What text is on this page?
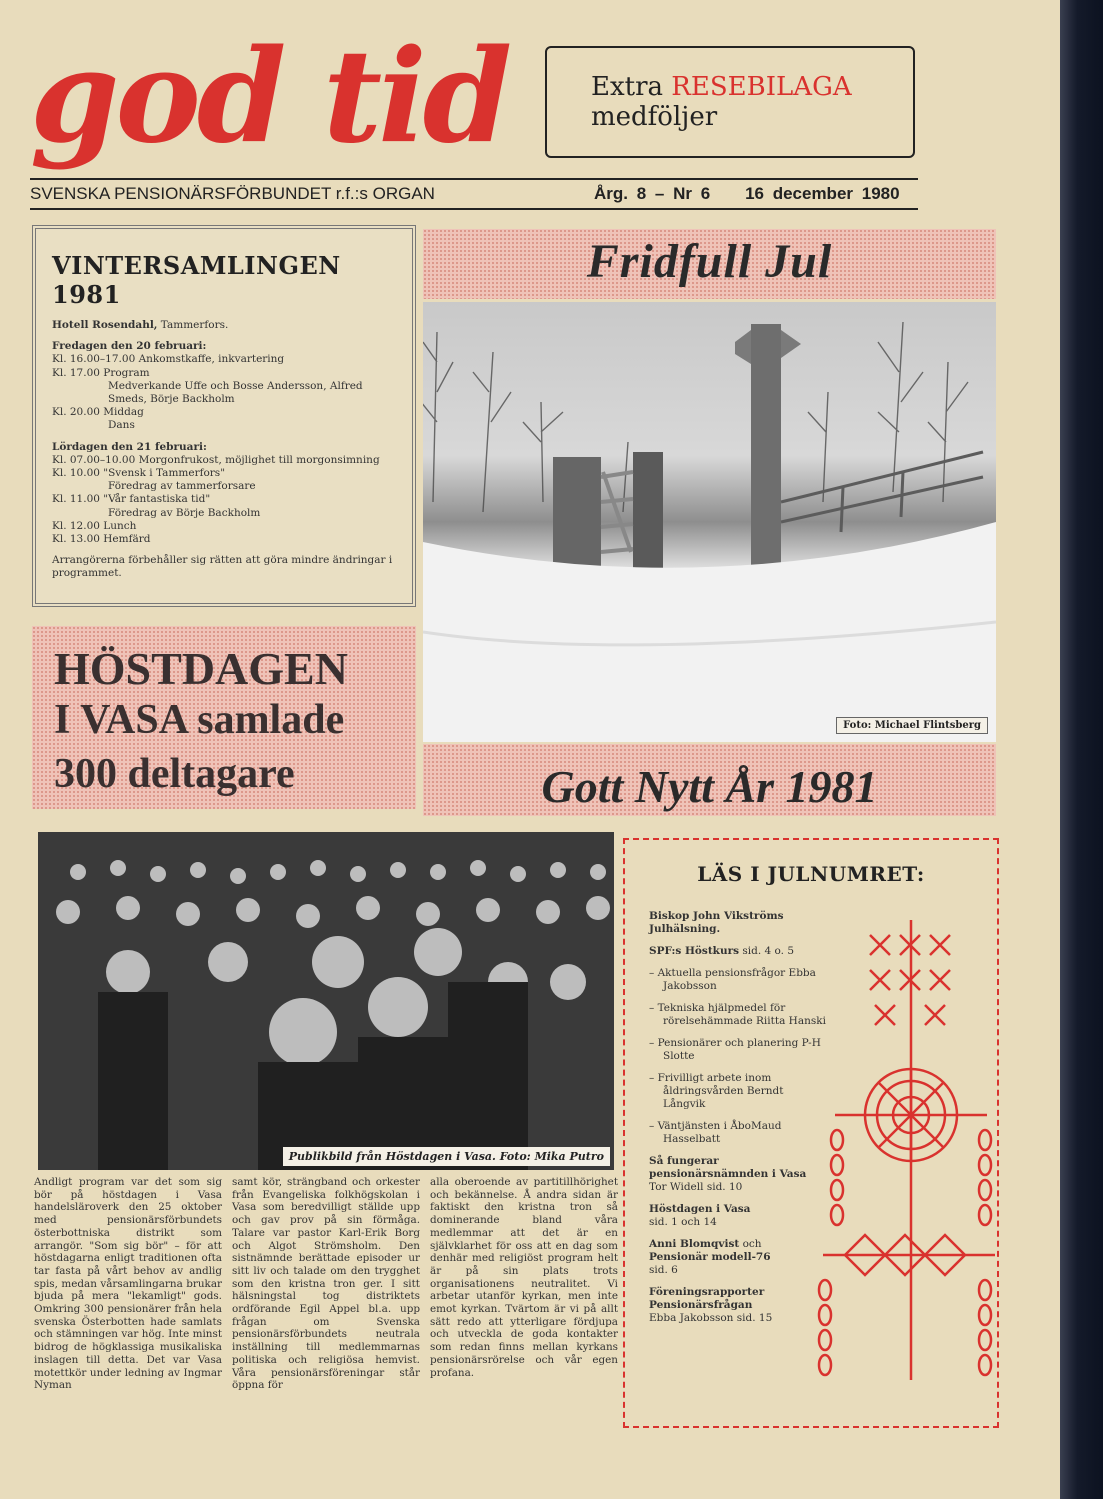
god tid	Extra RESEBILAGA
medföljer
SVENSKA PENSIONÄRSFÖRBUNDET r.f.:s ORGAN	Årg. 8 – Nr 6 16 december 1980
VINTERSAMLINGEN 1981
Hotell Rosendahl, Tammerfors.
Fredagen den 20 februari:
Kl. 16.00–17.00 Ankomstkaffe, inkvartering
Kl. 17.00 Program
Medverkande Uffe och Bosse Andersson, Alfred Smeds, Börje Backholm
Kl. 20.00 Middag
Dans
Lördagen den 21 februari:
Kl. 07.00–10.00 Morgonfrukost, möjlighet till morgonsimning
Kl. 10.00 "Svensk i Tammerfors"
Föredrag av tammerforsare
Kl. 11.00 "Vår fantastiska tid"
Föredrag av Börje Backholm
Kl. 12.00 Lunch
Kl. 13.00 Hemfärd
Arrangörerna förbehåller sig rätten att göra mindre ändringar i programmet.
Fridfull Jul
Foto: Michael Flintsberg
HÖSTDAGEN
I VASA samlade
300 deltagare	Gott Nytt År 1981
Publikbild från Höstdagen i Vasa. Foto: Mika Putro
Andligt program var det som sig bör på höstdagen i Vasa handelsläroverk den 25 oktober med pensionärsförbundets österbottniska distrikt som arrangör. "Som sig bör" – för att höstdagarna enligt traditionen ofta tar fasta på vårt behov av andlig spis, medan vårsamlingarna brukar bjuda på mera "lekamligt" gods. Omkring 300 pensionärer från hela svenska Österbotten hade samlats och stämningen var hög. Inte minst bidrog de högklassiga musikaliska inslagen till detta. Det var Vasa motettkör under ledning av Ingmar Nyman
samt kör, strängband och orkester från Evangeliska folkhögskolan i Vasa som beredvilligt ställde upp och gav prov på sin förmåga. Talare var pastor Karl-Erik Borg och Algot Strömsholm. Den sistnämnde berättade episoder ur sitt liv och talade om den trygghet som den kristna tron ger. I sitt hälsningstal tog distriktets ordförande Egil Appel bl.a. upp frågan om Svenska pensionärsförbundets neutrala inställning till medlemmarnas politiska och religiösa hemvist. Våra pensionärsföreningar står öppna för
alla oberoende av partitillhörighet och bekännelse. Å andra sidan är faktiskt den kristna tron så dominerande bland våra medlemmar att det är en självklarhet för oss att en dag som denhär med religiöst program helt är på sin plats trots organisationens neutralitet. Vi arbetar utanför kyrkan, men inte emot kyrkan. Tvärtom är vi på allt sätt redo att ytterligare fördjupa och utveckla de goda kontakter som redan finns mellan kyrkans pensionärsrörelse och vår egen profana.
LÄS I JULNUMRET:

Biskop John Vikströms Julhälsning.

SPF:s Höstkurs sid. 4 o. 5

– Aktuella pensionsfrågor Ebba Jakobsson

– Tekniska hjälpmedel för rörelsehämmade Riitta Hanski

– Pensionärer och planering P-H Slotte

– Frivilligt arbete inom åldringsvården Berndt Långvik

– Väntjänsten i ÅboMaud Hasselbatt

Så fungerar pensionärsnämnden i Vasa
Tor Widell sid. 10

Höstdagen i Vasa
sid. 1 och 14

Anni Blomqvist och
Pensionär modell-76
sid. 6

Föreningsrapporter Pensionärsfrågan
Ebba Jakobsson sid. 15
